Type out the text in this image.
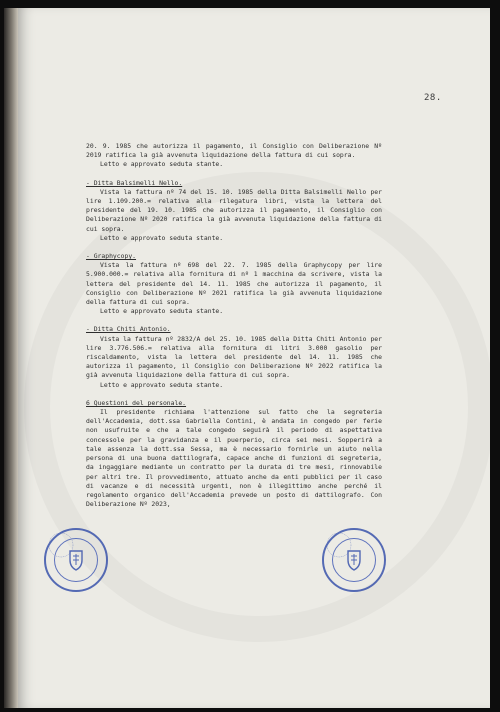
28.

20. 9. 1985 che autorizza il pagamento, il Consiglio con Deliberazione Nº 2019 ratifica la già avvenuta liquidazione della fattura di cui sopra.

Letto e approvato seduta stante.

- Ditta Balsimelli Nello.

Vista la fattura nº 74 del 15. 10. 1985 della Ditta Balsimelli Nello per lire 1.109.200.= relativa alla rilegatura libri, vista la lettera del presidente del 19. 10. 1985 che autorizza il pagamento, il Consiglio con Deliberazione Nº 2020 ratifica la già avvenuta liquidazione della fattura di cui sopra.

Letto e approvato seduta stante.

- Graphycopy.

Vista la fattura nº 698 del 22. 7. 1985 della Graphycopy per lire 5.900.000.= relativa alla fornitura di nº 1 macchina da scrivere, vista la lettera del presidente del 14. 11. 1985 che autorizza il pagamento, il Consiglio con Deliberazione Nº 2021 ratifica la già avvenuta liquidazione della fattura di cui sopra.

Letto e approvato seduta stante.

- Ditta Chiti Antonio.

Vista la fattura nº 2832/A del 25. 10. 1985 della Ditta Chiti Antonio per lire 3.776.506.= relativa alla fornitura di litri 3.000 gasolio per riscaldamento, vista la lettera del presidente del 14. 11. 1985 che autorizza il pagamento, il Consiglio con Deliberazione Nº 2022 ratifica la già avvenuta liquidazione della fattura di cui sopra.

Letto e approvato seduta stante.

6 Questioni del personale.

Il presidente richiama l'attenzione sul fatto che la segreteria dell'Accademia, dott.ssa Gabriella Contini, è andata in congedo per ferie non usufruite e che a tale congedo seguirà il periodo di aspettativa concessole per la gravidanza e il puerperio, circa sei mesi. Sopperirà a tale assenza la dott.ssa Sessa, ma è necessario fornirle un aiuto nella persona di una buona dattilografa, capace anche di funzioni di segreteria, da ingaggiare mediante un contratto per la durata di tre mesi, rinnovabile per altri tre. Il provvedimento, attuato anche da enti pubblici per il caso di vacanze e di necessità urgenti, non è illegittimo anche perché il regolamento organico dell'Accademia prevede un posto di dattilografo. Con Deliberazione Nº 2023,
